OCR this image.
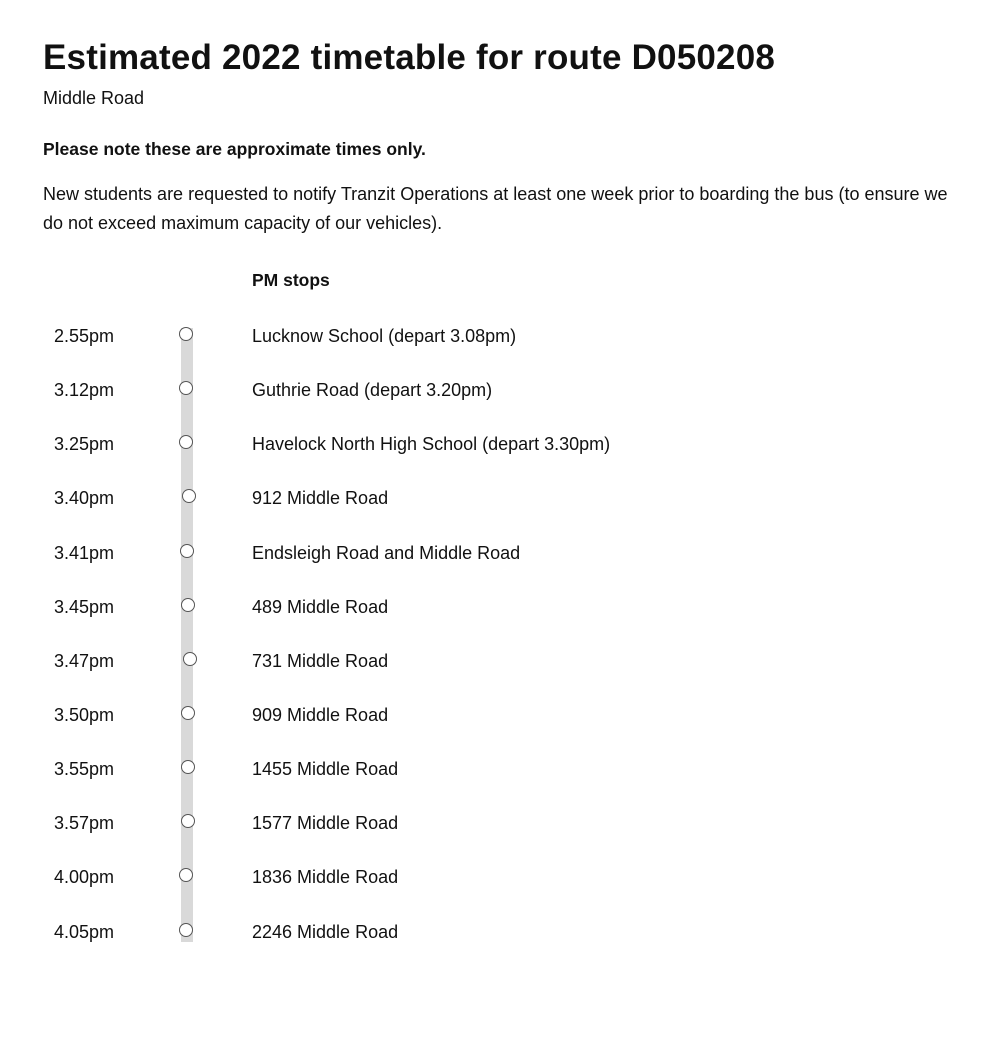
Estimated 2022 timetable for route D050208
Middle Road
Please note these are approximate times only.
New students are requested to notify Tranzit Operations at least one week prior to boarding the bus (to ensure we do not exceed maximum capacity of our vehicles).
PM stops
2.55pm	Lucknow School (depart 3.08pm)
3.12pm	Guthrie Road (depart 3.20pm)
3.25pm	Havelock North High School (depart 3.30pm)
3.40pm	912 Middle Road
3.41pm	Endsleigh Road and Middle Road
3.45pm	489 Middle Road
3.47pm	731 Middle Road
3.50pm	909 Middle Road
3.55pm	1455 Middle Road
3.57pm	1577 Middle Road
4.00pm	1836 Middle Road
4.05pm	2246 Middle Road
